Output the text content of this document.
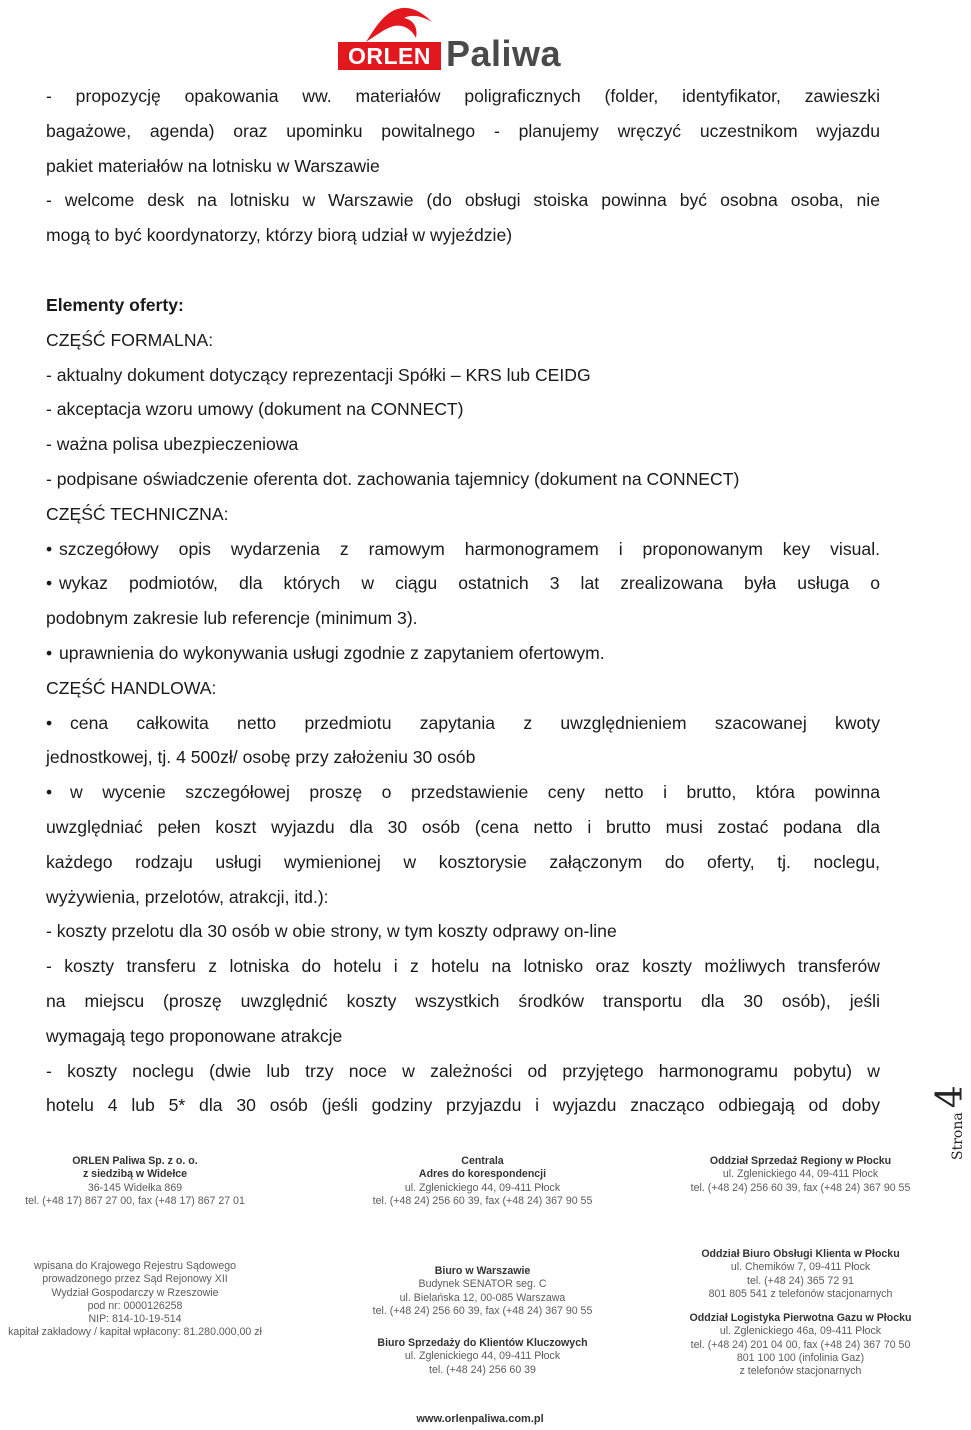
ORLEN Paliwa

- propozycję opakowania ww. materiałów poligraficznych (folder, identyfikator, zawieszki

bagażowe, agenda) oraz upominku powitalnego - planujemy wręczyć uczestnikom wyjazdu

pakiet materiałów na lotnisku w Warszawie

- welcome desk na lotnisku w Warszawie (do obsługi stoiska powinna być osobna osoba, nie

mogą to być koordynatorzy, którzy biorą udział w wyjeździe)

Elementy oferty:

CZĘŚĆ FORMALNA:

- aktualny dokument dotyczący reprezentacji Spółki – KRS lub CEIDG

- akceptacja wzoru umowy (dokument na CONNECT)

- ważna polisa ubezpieczeniowa

- podpisane oświadczenie oferenta dot. zachowania tajemnicy (dokument na CONNECT)

CZĘŚĆ TECHNICZNA:

• szczegółowy opis wydarzenia z ramowym harmonogramem i proponowanym key visual.

• wykaz podmiotów, dla których w ciągu ostatnich 3 lat zrealizowana była usługa o

podobnym zakresie lub referencje (minimum 3).

• uprawnienia do wykonywania usługi zgodnie z zapytaniem ofertowym.

CZĘŚĆ HANDLOWA:

• cena całkowita netto przedmiotu zapytania z uwzględnieniem szacowanej kwoty

jednostkowej, tj. 4 500zł/ osobę przy założeniu 30 osób

• w wycenie szczegółowej proszę o przedstawienie ceny netto i brutto, która powinna

uwzględniać pełen koszt wyjazdu dla 30 osób (cena netto i brutto musi zostać podana dla

każdego rodzaju usługi wymienionej w kosztorysie załączonym do oferty, tj. noclegu,

wyżywienia, przelotów, atrakcji, itd.):

- koszty przelotu dla 30 osób w obie strony, w tym koszty odprawy on-line

- koszty transferu z lotniska do hotelu i z hotelu na lotnisko oraz koszty możliwych transferów

na miejscu (proszę uwzględnić koszty wszystkich środków transportu dla 30 osób), jeśli

wymagają tego proponowane atrakcje

- koszty noclegu (dwie lub trzy noce w zależności od przyjętego harmonogramu pobytu) w

hotelu 4 lub 5* dla 30 osób (jeśli godziny przyjazdu i wyjazdu znacząco odbiegają od doby

Strona4
ORLEN Paliwa Sp. z o. o.
z siedzibą w Widełce
36-145 Widełka 869
tel. (+48 17) 867 27 00, fax (+48 17) 867 27 01
wpisana do Krajowego Rejestru Sądowego
prowadzonego przez Sąd Rejonowy XII
Wydział Gospodarczy w Rzeszowie
pod nr: 0000126258
NIP: 814-10-19-514
kapitał zakładowy / kapitał wpłacony: 81.280.000,00 zł
Centrala
Adres do korespondencji
ul. Zglenickiego 44, 09-411 Płock
tel. (+48 24) 256 60 39, fax (+48 24) 367 90 55
Biuro w Warszawie
Budynek SENATOR seg. C
ul. Bielańska 12, 00-085 Warszawa
tel. (+48 24) 256 60 39, fax (+48 24) 367 90 55
Biuro Sprzedaży do Klientów Kluczowych
ul. Zglenickiego 44, 09-411 Płock
tel. (+48 24) 256 60 39
Oddział Sprzedaż Regiony w Płocku
ul. Zglenickiego 44, 09-411 Płock
tel. (+48 24) 256 60 39, fax (+48 24) 367 90 55
Oddział Biuro Obsługi Klienta w Płocku
ul. Chemików 7, 09-411 Płock
tel. (+48 24) 365 72 91
801 805 541 z telefonów stacjonarnych
Oddział Logistyka Pierwotna Gazu w Płocku
ul. Zglenickiego 46a, 09-411 Płock
tel. (+48 24) 201 04 00, fax (+48 24) 367 70 50
801 100 100 (infolinia Gaz)
z telefonów stacjonarnych
www.orlenpaliwa.com.pl
